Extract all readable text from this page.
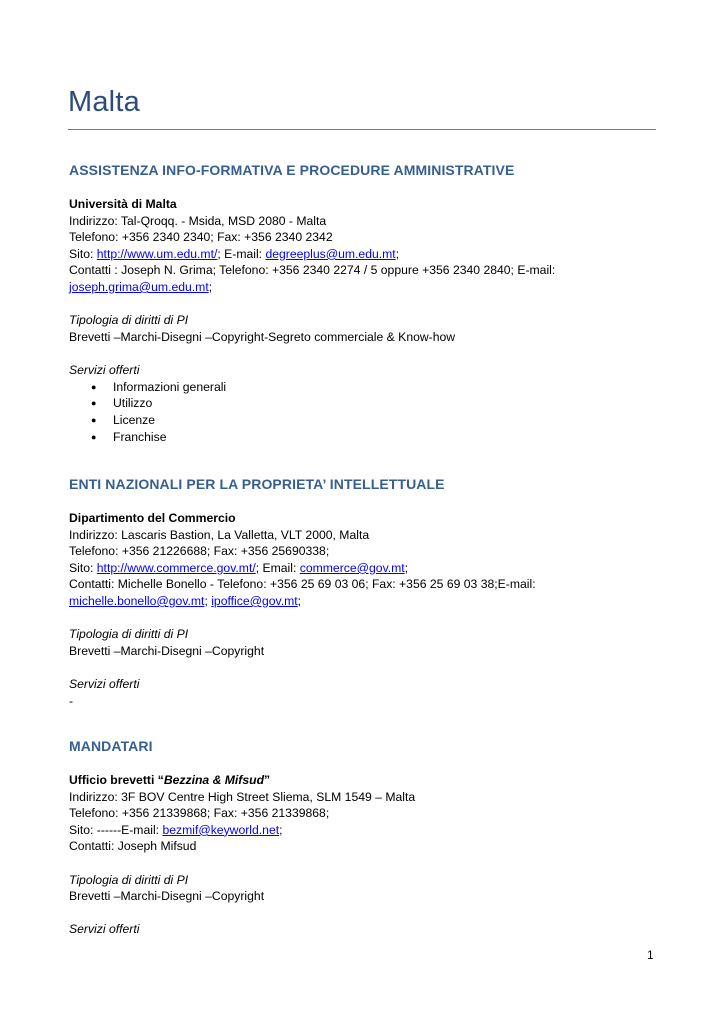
Malta
ASSISTENZA INFO-FORMATIVA E PROCEDURE AMMINISTRATIVE
Università di Malta
Indirizzo: Tal-Qroqq. - Msida, MSD 2080 - Malta
Telefono: +356 2340 2340; Fax: +356 2340 2342
Sito: http://www.um.edu.mt/; E-mail: degreeplus@um.edu.mt;
Contatti : Joseph N. Grima; Telefono: +356 2340 2274 / 5 oppure +356 2340 2840; E-mail:
joseph.grima@um.edu.mt;
Tipologia di diritti di PI
Brevetti –Marchi-Disegni –Copyright-Segreto commerciale & Know-how
Servizi offerti
● Informazioni generali
● Utilizzo
● Licenze
● Franchise
ENTI NAZIONALI PER LA PROPRIETA’ INTELLETTUALE
Dipartimento del Commercio
Indirizzo: Lascaris Bastion, La Valletta, VLT 2000, Malta
Telefono: +356 21226688; Fax: +356 25690338;
Sito: http://www.commerce.gov.mt/; Email: commerce@gov.mt;
Contatti: Michelle Bonello - Telefono: +356 25 69 03 06; Fax: +356 25 69 03 38;E-mail:
michelle.bonello@gov.mt; ipoffice@gov.mt;
Tipologia di diritti di PI
Brevetti –Marchi-Disegni –Copyright
Servizi offerti
-
MANDATARI
Ufficio brevetti “Bezzina & Mifsud”
Indirizzo: 3F BOV Centre High Street Sliema, SLM 1549 – Malta
Telefono: +356 21339868; Fax: +356 21339868;
Sito: ------E-mail: bezmif@keyworld.net;
Contatti: Joseph Mifsud
Tipologia di diritti di PI
Brevetti –Marchi-Disegni –Copyright
Servizi offerti
1
